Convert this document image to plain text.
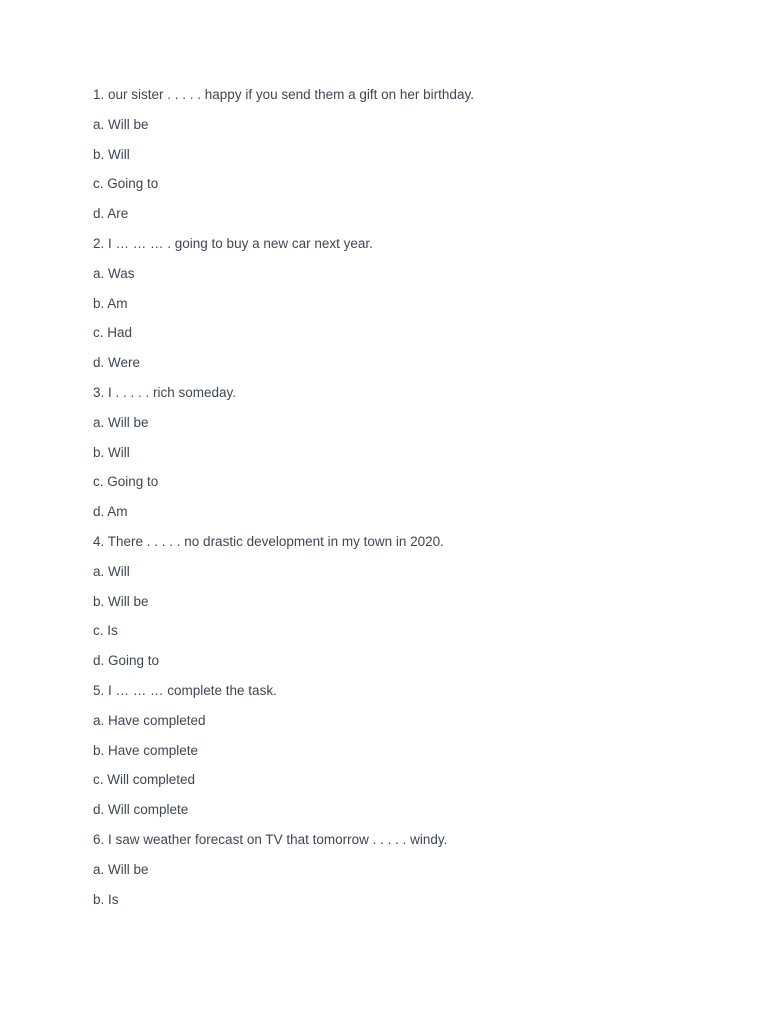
1. our sister . . . . . happy if you send them a gift on her birthday.
a. Will be
b. Will
c. Going to
d. Are
2. I … … … . going to buy a new car next year.
a. Was
b. Am
c. Had
d. Were
3. I . . . . . rich someday.
a. Will be
b. Will
c. Going to
d. Am
4. There . . . . . no drastic development in my town in 2020.
a. Will
b. Will be
c. Is
d. Going to
5. I … … … complete the task.
a. Have completed
b. Have complete
c. Will completed
d. Will complete
6. I saw weather forecast on TV that tomorrow . . . . . windy.
a. Will be
b. Is
